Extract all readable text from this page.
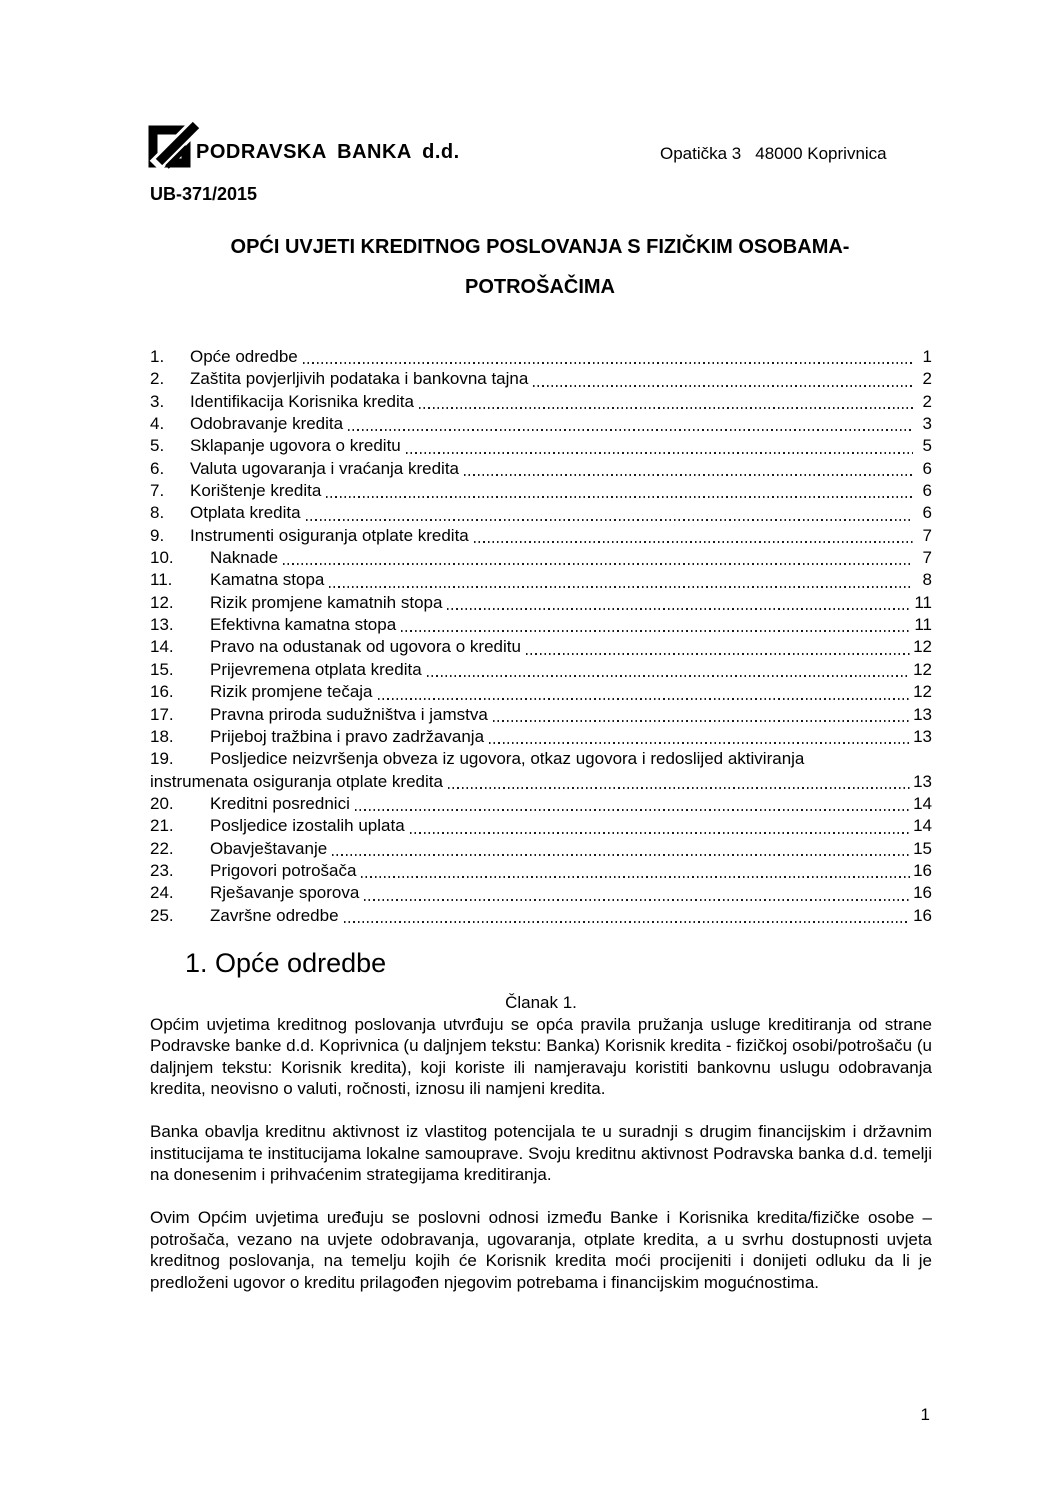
PODRAVSKA BANKA d.d.	Opatička 3 48000 Koprivnica
UB-371/2015
OPĆI UVJETI KREDITNOG POSLOVANJA S FIZIČKIM OSOBAMA-
POTROŠAČIMA
1.	Opće odredbe	1
2.	Zaštita povjerljivih podataka i bankovna tajna	2
3.	Identifikacija Korisnika kredita	2
4.	Odobravanje kredita	3
5.	Sklapanje ugovora o kreditu	5
6.	Valuta ugovaranja i vraćanja kredita	6
7.	Korištenje kredita	6
8.	Otplata kredita	6
9.	Instrumenti osiguranja otplate kredita	7
10.	Naknade	7
11.	Kamatna stopa	8
12.	Rizik promjene kamatnih stopa	11
13.	Efektivna kamatna stopa	11
14.	Pravo na odustanak od ugovora o kreditu	12
15.	Prijevremena otplata kredita	12
16.	Rizik promjene tečaja	12
17.	Pravna priroda sudužništva i jamstva	13
18.	Prijeboj tražbina i pravo zadržavanja	13
19.	Posljedice neizvršenja obveza iz ugovora, otkaz ugovora i redoslijed aktiviranja
instrumenata osiguranja otplate kredita	13
20.	Kreditni posrednici	14
21.	Posljedice izostalih uplata	14
22.	Obavještavanje	15
23.	Prigovori potrošača	16
24.	Rješavanje sporova	16
25.	Završne odredbe	16
1. Opće odredbe
Članak 1.

Općim uvjetima kreditnog poslovanja utvrđuju se opća pravila pružanja usluge kreditiranja od strane Podravske banke d.d. Koprivnica (u daljnjem tekstu: Banka) Korisnik kredita - fizičkoj osobi/potrošaču (u daljnjem tekstu: Korisnik kredita), koji koriste ili namjeravaju koristiti bankovnu uslugu odobravanja kredita, neovisno o valuti, ročnosti, iznosu ili namjeni kredita.

Banka obavlja kreditnu aktivnost iz vlastitog potencijala te u suradnji s drugim financijskim i državnim institucijama te institucijama lokalne samouprave. Svoju kreditnu aktivnost Podravska banka d.d. temelji na donesenim i prihvaćenim strategijama kreditiranja.

Ovim Općim uvjetima uređuju se poslovni odnosi između Banke i Korisnika kredita/fizičke osobe – potrošača, vezano na uvjete odobravanja, ugovaranja, otplate kredita, a u svrhu dostupnosti uvjeta kreditnog poslovanja, na temelju kojih će Korisnik kredita moći procijeniti i donijeti odluku da li je predloženi ugovor o kreditu prilagođen njegovim potrebama i financijskim mogućnostima.

1
